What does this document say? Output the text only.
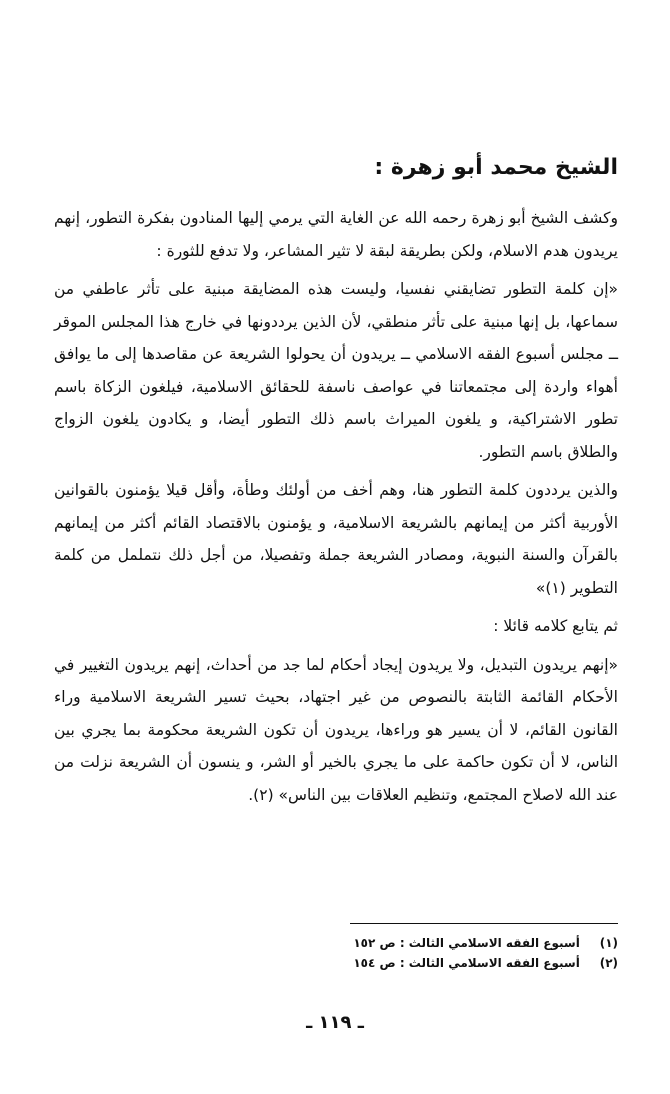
الشيخ محمد أبو زهرة :

وكشف الشيخ أبو زهرة رحمه الله عن الغاية التي يرمي إليها المنادون بفكرة التطور، إنهم يريدون هدم الاسلام، ولكن بطريقة لبقة لا تثير المشاعر، ولا تدفع للثورة :

«إن كلمة التطور تضايقني نفسيا، وليست هذه المضايقة مبنية على تأثر عاطفي من سماعها، بل إنها مبنية على تأثر منطقي، لأن الذين يرددونها في خارج هذا المجلس الموقر ــ مجلس أسبوع الفقه الاسلامي ــ يريدون أن يحولوا الشريعة عن مقاصدها إلى ما يوافق أهواء واردة إلى مجتمعاتنا في عواصف ناسفة للحقائق الاسلامية، فيلغون الزكاة باسم تطور الاشتراكية، و يلغون الميراث باسم ذلك التطور أيضا، و يكادون يلغون الزواج والطلاق باسم التطور.

والذين يرددون كلمة التطور هنا، وهم أخف من أولئك وطأة، وأقل قيلا يؤمنون بالقوانين الأوربية أكثر من إيمانهم بالشريعة الاسلامية، و يؤمنون بالاقتصاد القائم أكثر من إيمانهم بالقرآن والسنة النبوية، ومصادر الشريعة جملة وتفصيلا، من أجل ذلك نتململ من كلمة التطوير (١)»

ثم يتابع كلامه قائلا :

«إنهم يريدون التبديل، ولا يريدون إيجاد أحكام لما جد من أحداث، إنهم يريدون التغيير في الأحكام القائمة الثابتة بالنصوص من غير اجتهاد، بحيث تسير الشريعة الاسلامية وراء القانون القائم، لا أن يسير هو وراءها، يريدون أن تكون الشريعة محكومة بما يجري بين الناس، لا أن تكون حاكمة على ما يجري بالخير أو الشر، و ينسون أن الشريعة نزلت من عند الله لاصلاح المجتمع، وتنظيم العلاقات بين الناس» (٢).

(١) أسبوع الفقه الاسلامي الثالث : ص ١٥٢
(٢) أسبوع الفقه الاسلامي الثالث : ص ١٥٤
ـ ١١٩ ـ
